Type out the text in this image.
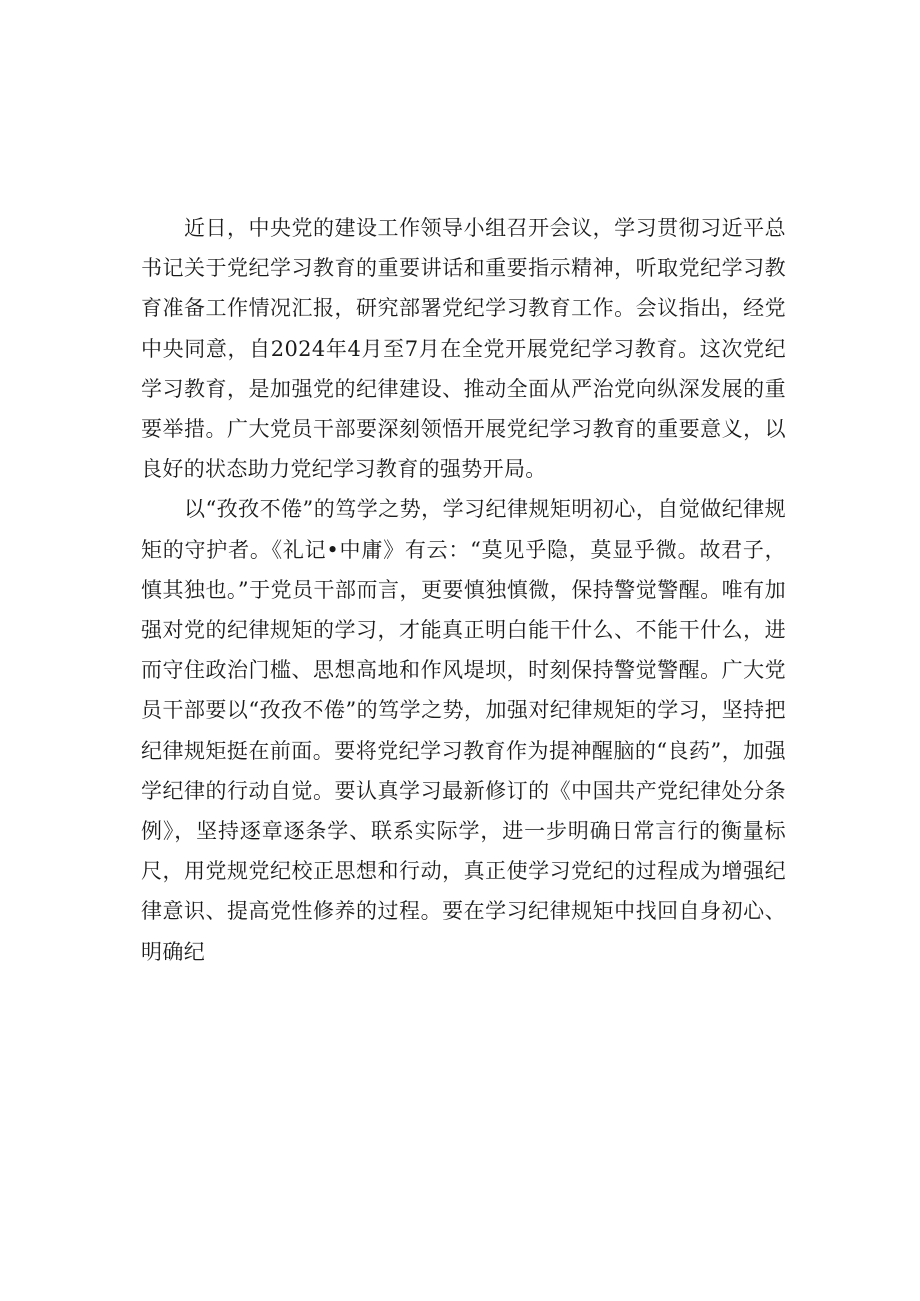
近日，中央党的建设工作领导小组召开会议，学习贯彻习近平总书记关于党纪学习教育的重要讲话和重要指示精神，听取党纪学习教育准备工作情况汇报，研究部署党纪学习教育工作。会议指出，经党中央同意，自2024年4月至7月在全党开展党纪学习教育。这次党纪学习教育，是加强党的纪律建设、推动全面从严治党向纵深发展的重要举措。广大党员干部要深刻领悟开展党纪学习教育的重要意义，以良好的状态助力党纪学习教育的强势开局。

以“孜孜不倦”的笃学之势，学习纪律规矩明初心，自觉做纪律规矩的守护者。《礼记•中庸》有云：“莫见乎隐，莫显乎微。故君子，慎其独也。”于党员干部而言，更要慎独慎微，保持警觉警醒。唯有加强对党的纪律规矩的学习，才能真正明白能干什么、不能干什么，进而守住政治门槛、思想高地和作风堤坝，时刻保持警觉警醒。广大党员干部要以“孜孜不倦”的笃学之势，加强对纪律规矩的学习，坚持把纪律规矩挺在前面。要将党纪学习教育作为提神醒脑的“良药”，加强学纪律的行动自觉。要认真学习最新修订的《中国共产党纪律处分条例》，坚持逐章逐条学、联系实际学，进一步明确日常言行的衡量标尺，用党规党纪校正思想和行动，真正使学习党纪的过程成为增强纪律意识、提高党性修养的过程。要在学习纪律规矩中找回自身初心、明确纪
